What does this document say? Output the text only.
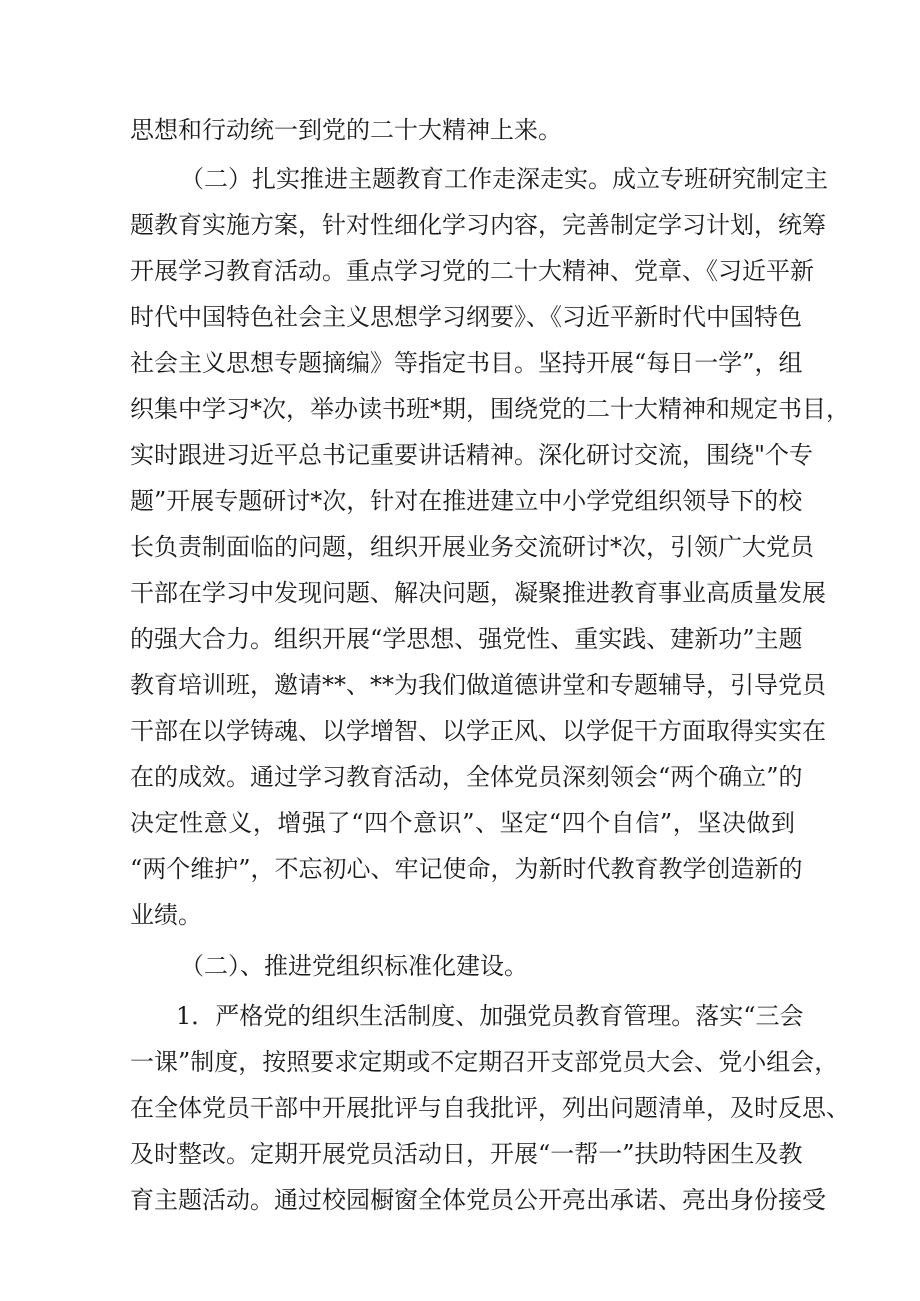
思想和行动统一到党的二十大精神上来。
（二）扎实推进主题教育工作走深走实。成立专班研究制定主
题教育实施方案，针对性细化学习内容，完善制定学习计划，统筹
开展学习教育活动。重点学习党的二十大精神、党章、《习近平新
时代中国特色社会主义思想学习纲要》、《习近平新时代中国特色
社会主义思想专题摘编》等指定书目。坚持开展“每日一学”，组
织集中学习*次，举办读书班*期，围绕党的二十大精神和规定书目，
实时跟进习近平总书记重要讲话精神。深化研讨交流，围绕"个专
题”开展专题研讨*次，针对在推进建立中小学党组织领导下的校
长负责制面临的问题，组织开展业务交流研讨*次，引领广大党员
干部在学习中发现问题、解决问题，凝聚推进教育事业高质量发展
的强大合力。组织开展“学思想、强党性、重实践、建新功”主题
教育培训班，邀请**、**为我们做道德讲堂和专题辅导，引导党员
干部在以学铸魂、以学增智、以学正风、以学促干方面取得实实在
在的成效。通过学习教育活动，全体党员深刻领会“两个确立”的
决定性意义，增强了“四个意识”、坚定“四个自信”，坚决做到
“两个维护”，不忘初心、牢记使命，为新时代教育教学创造新的
业绩。
（二）、推进党组织标准化建设。
1．严格党的组织生活制度、加强党员教育管理。落实“三会
一课”制度，按照要求定期或不定期召开支部党员大会、党小组会，
在全体党员干部中开展批评与自我批评，列出问题清单，及时反思、
及时整改。定期开展党员活动日，开展“一帮一”扶助特困生及教
育主题活动。通过校园橱窗全体党员公开亮出承诺、亮出身份接受
